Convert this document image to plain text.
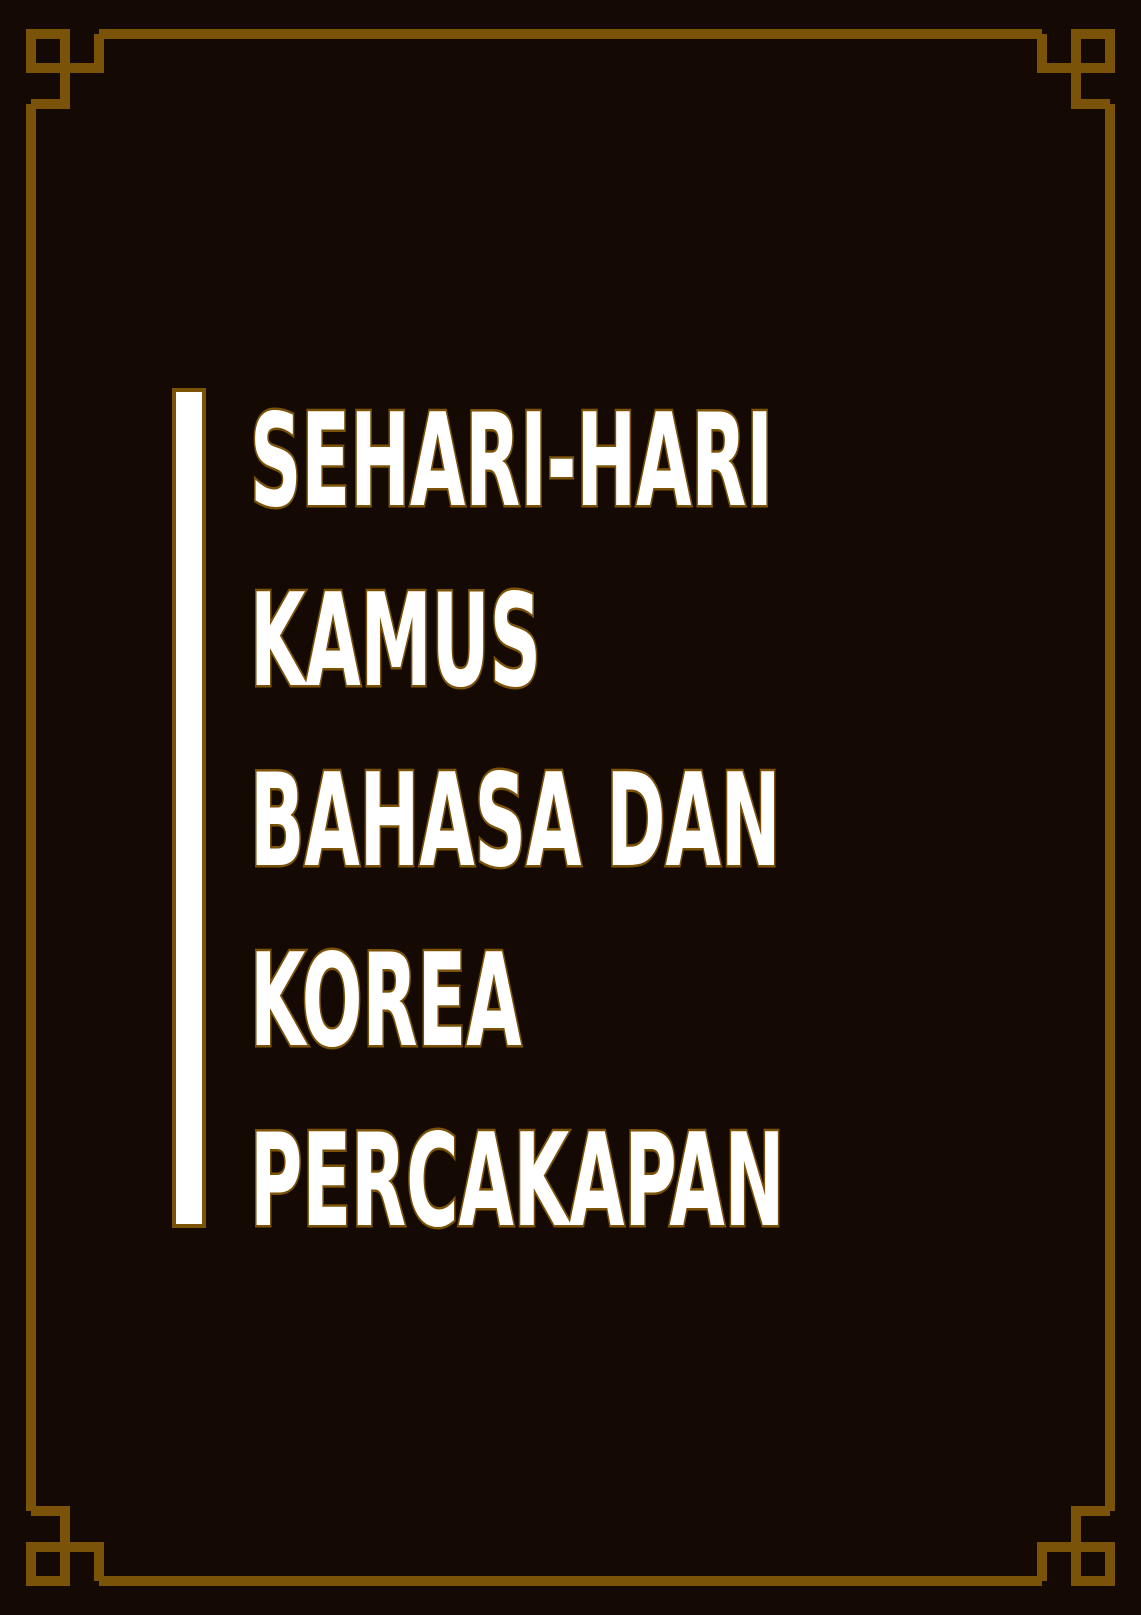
SEHARI-HARI
KAMUS
BAHASA DAN
KOREA
PERCAKAPAN
